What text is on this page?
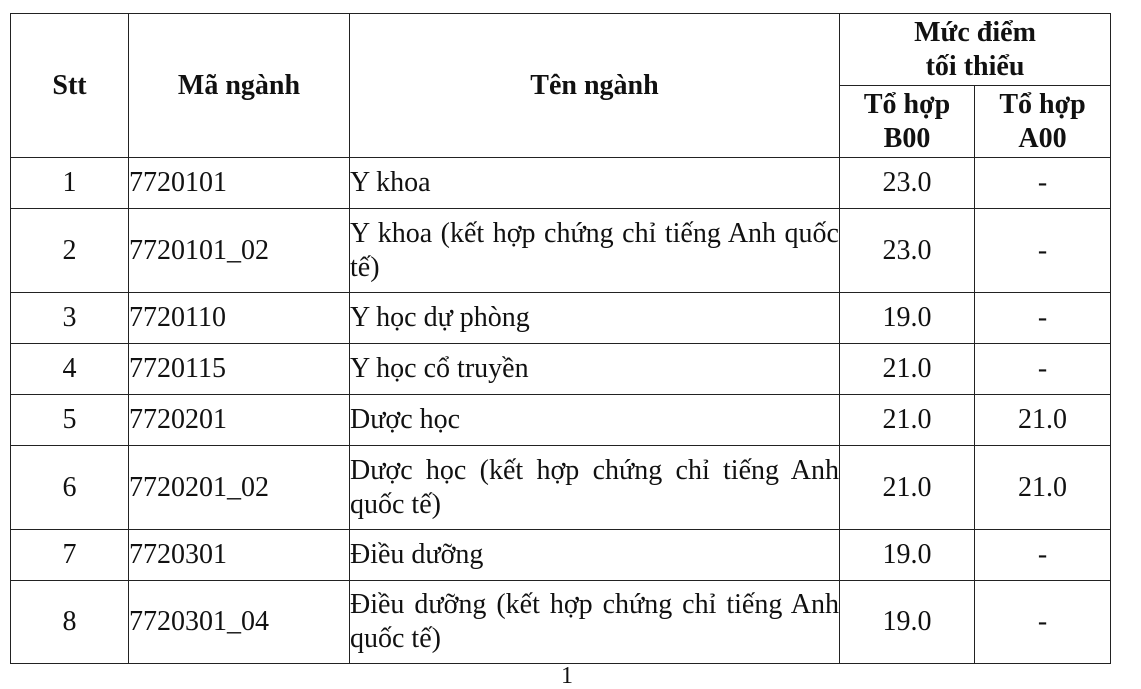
Stt	Mã ngành	Tên ngành	Mức điểm tối thiểu	
			Tổ hợp B00	Tổ hợp A00
1	7720101	Y khoa	23.0	-
2	7720101_02	Y khoa (kết hợp chứng chỉ tiếng Anh quốc tế)	23.0	-
3	7720110	Y học dự phòng	19.0	-
4	7720115	Y học cổ truyền	21.0	-
5	7720201	Dược học	21.0	21.0
6	7720201_02	Dược học (kết hợp chứng chỉ tiếng Anh quốc tế)	21.0	21.0
7	7720301	Điều dưỡng	19.0	-
8	7720301_04	Điều dưỡng (kết hợp chứng chỉ tiếng Anh quốc tế)	19.0	-
1
